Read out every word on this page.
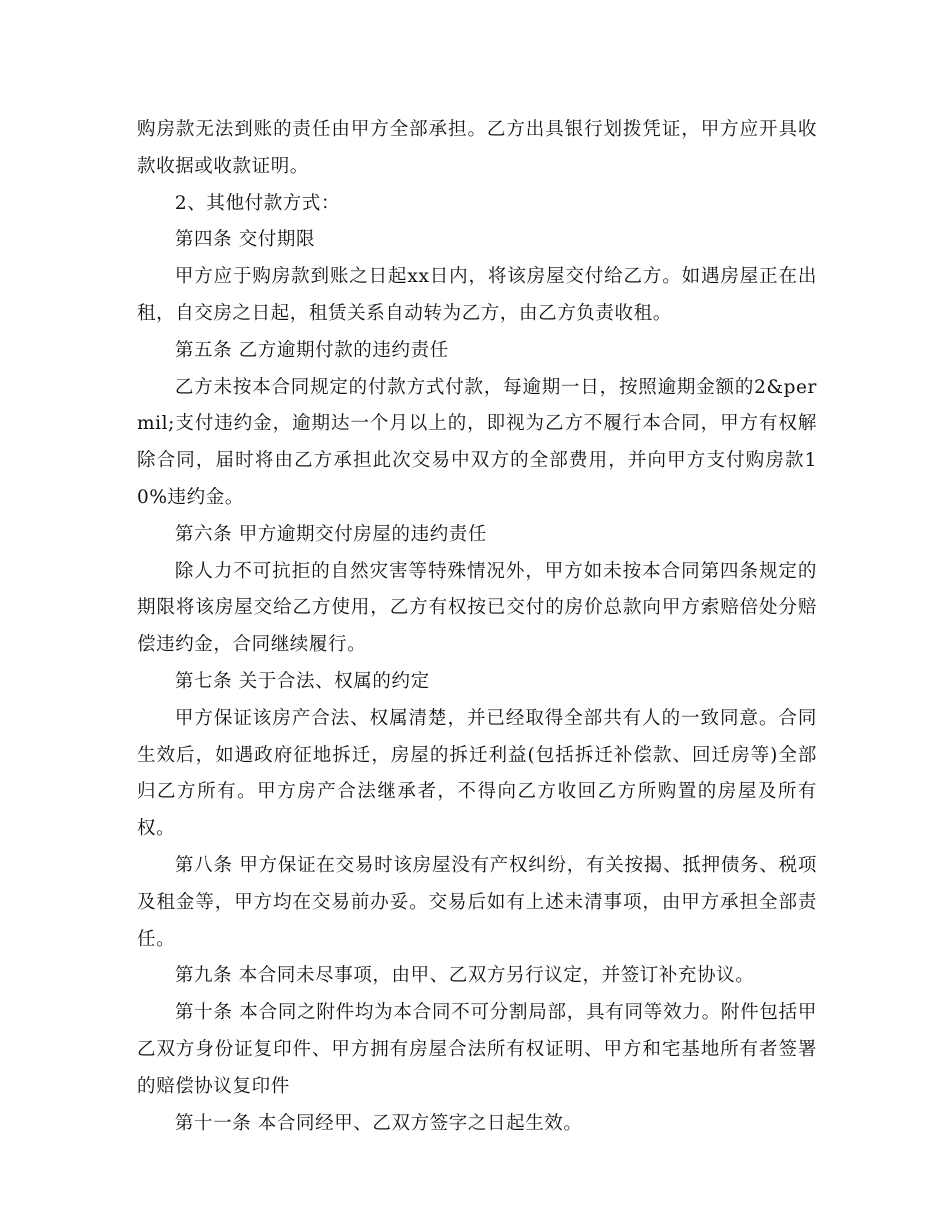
购房款无法到账的责任由甲方全部承担。乙方出具银行划拨凭证，甲方应开具收款收据或收款证明。

2、其他付款方式：

第四条 交付期限

甲方应于购房款到账之日起xx日内，将该房屋交付给乙方。如遇房屋正在出租，自交房之日起，租赁关系自动转为乙方，由乙方负责收租。

第五条 乙方逾期付款的违约责任

乙方未按本合同规定的付款方式付款，每逾期一日，按照逾期金额的2&permil;支付违约金，逾期达一个月以上的，即视为乙方不履行本合同，甲方有权解除合同，届时将由乙方承担此次交易中双方的全部费用，并向甲方支付购房款10%违约金。

第六条 甲方逾期交付房屋的违约责任

除人力不可抗拒的自然灾害等特殊情况外，甲方如未按本合同第四条规定的期限将该房屋交给乙方使用，乙方有权按已交付的房价总款向甲方索赔倍处分赔偿违约金，合同继续履行。

第七条 关于合法、权属的约定

甲方保证该房产合法、权属清楚，并已经取得全部共有人的一致同意。合同生效后，如遇政府征地拆迁，房屋的拆迁利益(包括拆迁补偿款、回迁房等)全部归乙方所有。甲方房产合法继承者，不得向乙方收回乙方所购置的房屋及所有权。

第八条 甲方保证在交易时该房屋没有产权纠纷，有关按揭、抵押债务、税项及租金等，甲方均在交易前办妥。交易后如有上述未清事项，由甲方承担全部责任。

第九条 本合同未尽事项，由甲、乙双方另行议定，并签订补充协议。

第十条 本合同之附件均为本合同不可分割局部，具有同等效力。附件包括甲乙双方身份证复印件、甲方拥有房屋合法所有权证明、甲方和宅基地所有者签署的赔偿协议复印件

第十一条 本合同经甲、乙双方签字之日起生效。
